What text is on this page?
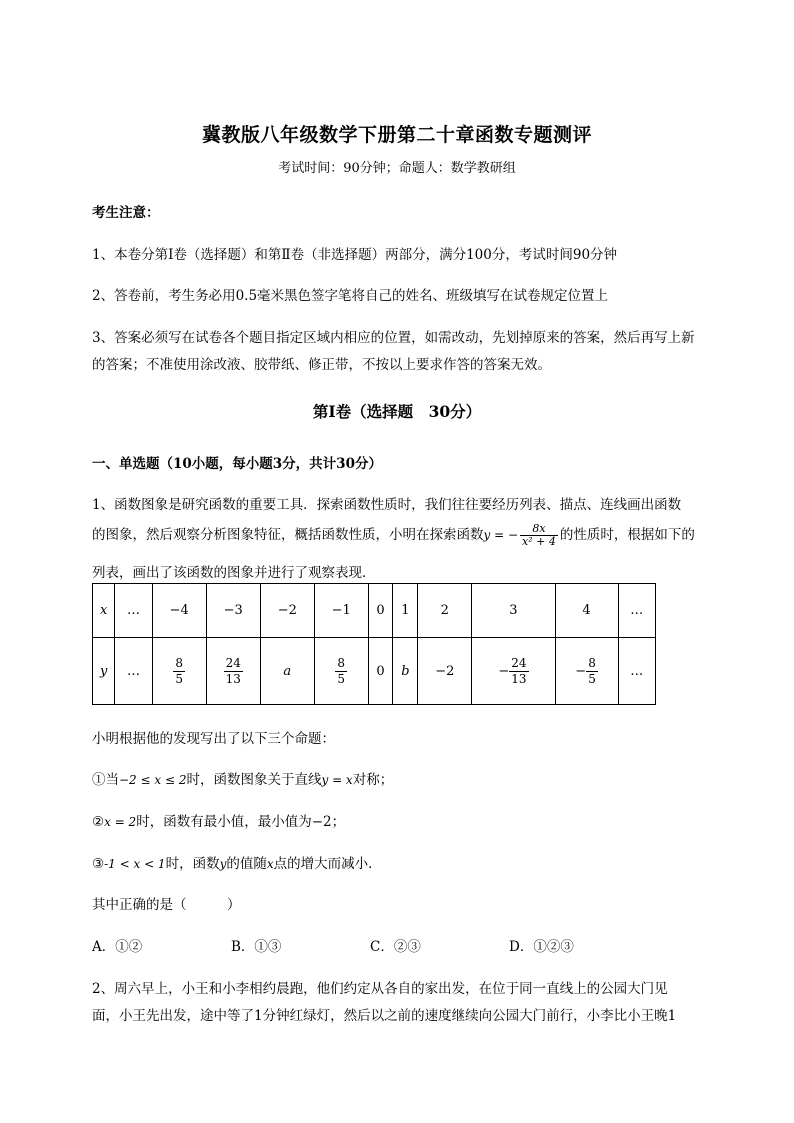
冀教版八年级数学下册第二十章函数专题测评
考试时间：90分钟；命题人：数学教研组
考生注意：
1、本卷分第Ⅰ卷（选择题）和第Ⅱ卷（非选择题）两部分，满分100分，考试时间90分钟
2、答卷前，考生务必用0.5毫米黑色签字笔将自己的姓名、班级填写在试卷规定位置上
3、答案必须写在试卷各个题目指定区域内相应的位置，如需改动，先划掉原来的答案，然后再写上新
的答案；不准使用涂改液、胶带纸、修正带，不按以上要求作答的答案无效。
第Ⅰ卷（选择题　30分）
一、单选题（10小题，每小题3分，共计30分）
1、函数图象是研究函数的重要工具．探索函数性质时，我们往往要经历列表、描点、连线画出函数
的图象，然后观察分析图象特征，概括函数性质，小明在探索函数y = − $\frac{8x}{\text{x² + 4}}$ 的性质时，根据如下的
列表，画出了该函数的图象并进行了观察表现．
x	…	−4	−3	−2	−1	0	1	2	3	4	…
y	…	$\frac{8}{5}$	$\frac{24}{13}$	a	$\frac{8}{5}$	0	b	−2	− $\frac{24}{13}$	− $\frac{8}{5}$	…
小明根据他的发现写出了以下三个命题：
①当−2 ≤ x ≤ 2时，函数图象关于直线y = x对称；
②x = 2时，函数有最小值，最小值为−2；
③-1 < x < 1时，函数y的值随x点的增大而减小．
其中正确的是（　　　）
A．①②	B．①③	C．②③	D．①②③
2、周六早上，小王和小李相约晨跑，他们约定从各自的家出发，在位于同一直线上的公园大门见
面，小王先出发，途中等了1分钟红绿灯，然后以之前的速度继续向公园大门前行，小李比小王晚1
